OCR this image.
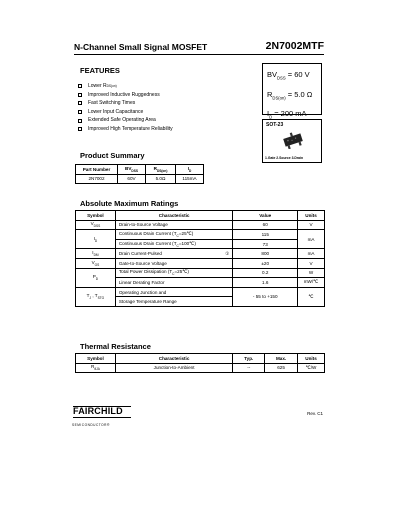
N-Channel Small Signal MOSFET	2N7002MTF
FEATURES
Lower R DS(on)
Improved Inductive Ruggedness
Fast Switching Times
Lower Input Capacitance
Extended Safe Operating Area
Improved High Temperature Reliability
$BV_{DSS} = 60$ V
$R_{DS(on)} = 5.0$ Ω
$I_D = 200$ mA
SOT-23
1.Gate 2.Source 3.Drain
Product Summary
Part Number	$BV_{DSS}$	$R_{DS(on)}$	$I_D$
2N7002	60V	5.0Ω	115mA
Absolute Maximum Ratings
Symbol	Characteristic	Value	Units
$V_{DSS}$	Drain-to-Source Voltage	60	V
$I_D$	Continuous Drain Current $(T_C=25℃)$	115	mA
	Continuous Drain Current $(T_C=100℃)$	73	
$I_{DM}$	Drain Current-Pulsed ①	800	mA
$V_{GS}$	Gate-to-Source Voltage	±20	V
$P_D$	Total Power Dissipation $(T_C=25℃)$	0.2	W
	Linear Derating Factor	1.6	mW/℃
$T_J$ , $T_{STG}$	Operating Junction and	- 55 to +150	℃
	Storage Temperature Range		
Thermal Resistance
Symbol	Characteristic	Typ.	Max.	Units
$R_{\theta JA}$	Junction-to-Ambient	--	625	℃/W
FAIRCHILD
SEMICONDUCTOR®
Rev. C1
